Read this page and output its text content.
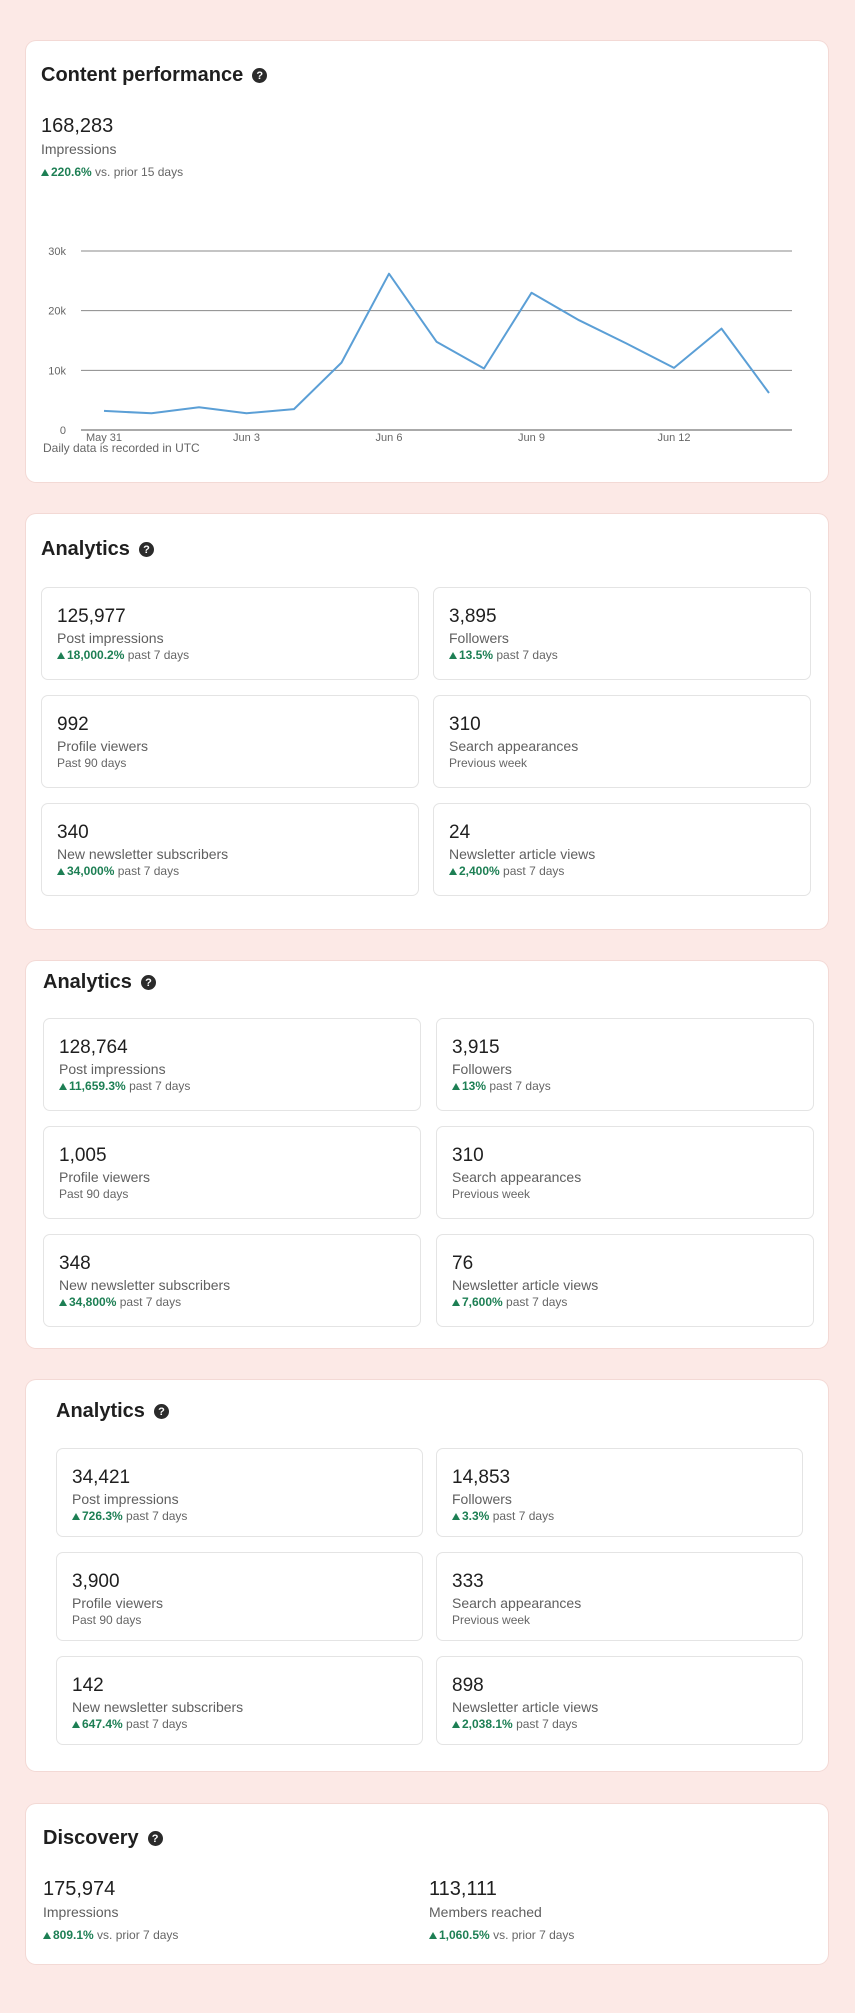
Content performance	?
168,283
Impressions
220.6% vs. prior 15 days
0
10k
20k
30k
May 31	Jun 3	Jun 6	Jun 9	Jun 12
Daily data is recorded in UTC
Analytics	?
125,977
Post impressions
18,000.2% past 7 days
3,895
Followers
13.5% past 7 days
992
Profile viewers
Past 90 days
310
Search appearances
Previous week
340
New newsletter subscribers
34,000% past 7 days
24
Newsletter article views
2,400% past 7 days
Analytics	?
128,764
Post impressions
11,659.3% past 7 days
3,915
Followers
13% past 7 days
1,005
Profile viewers
Past 90 days
310
Search appearances
Previous week
348
New newsletter subscribers
34,800% past 7 days
76
Newsletter article views
7,600% past 7 days
Analytics	?
34,421
Post impressions
726.3% past 7 days
14,853
Followers
3.3% past 7 days
3,900
Profile viewers
Past 90 days
333
Search appearances
Previous week
142
New newsletter subscribers
647.4% past 7 days
898
Newsletter article views
2,038.1% past 7 days
Discovery	?
175,974
Impressions
809.1% vs. prior 7 days
113,111
Members reached
1,060.5% vs. prior 7 days
